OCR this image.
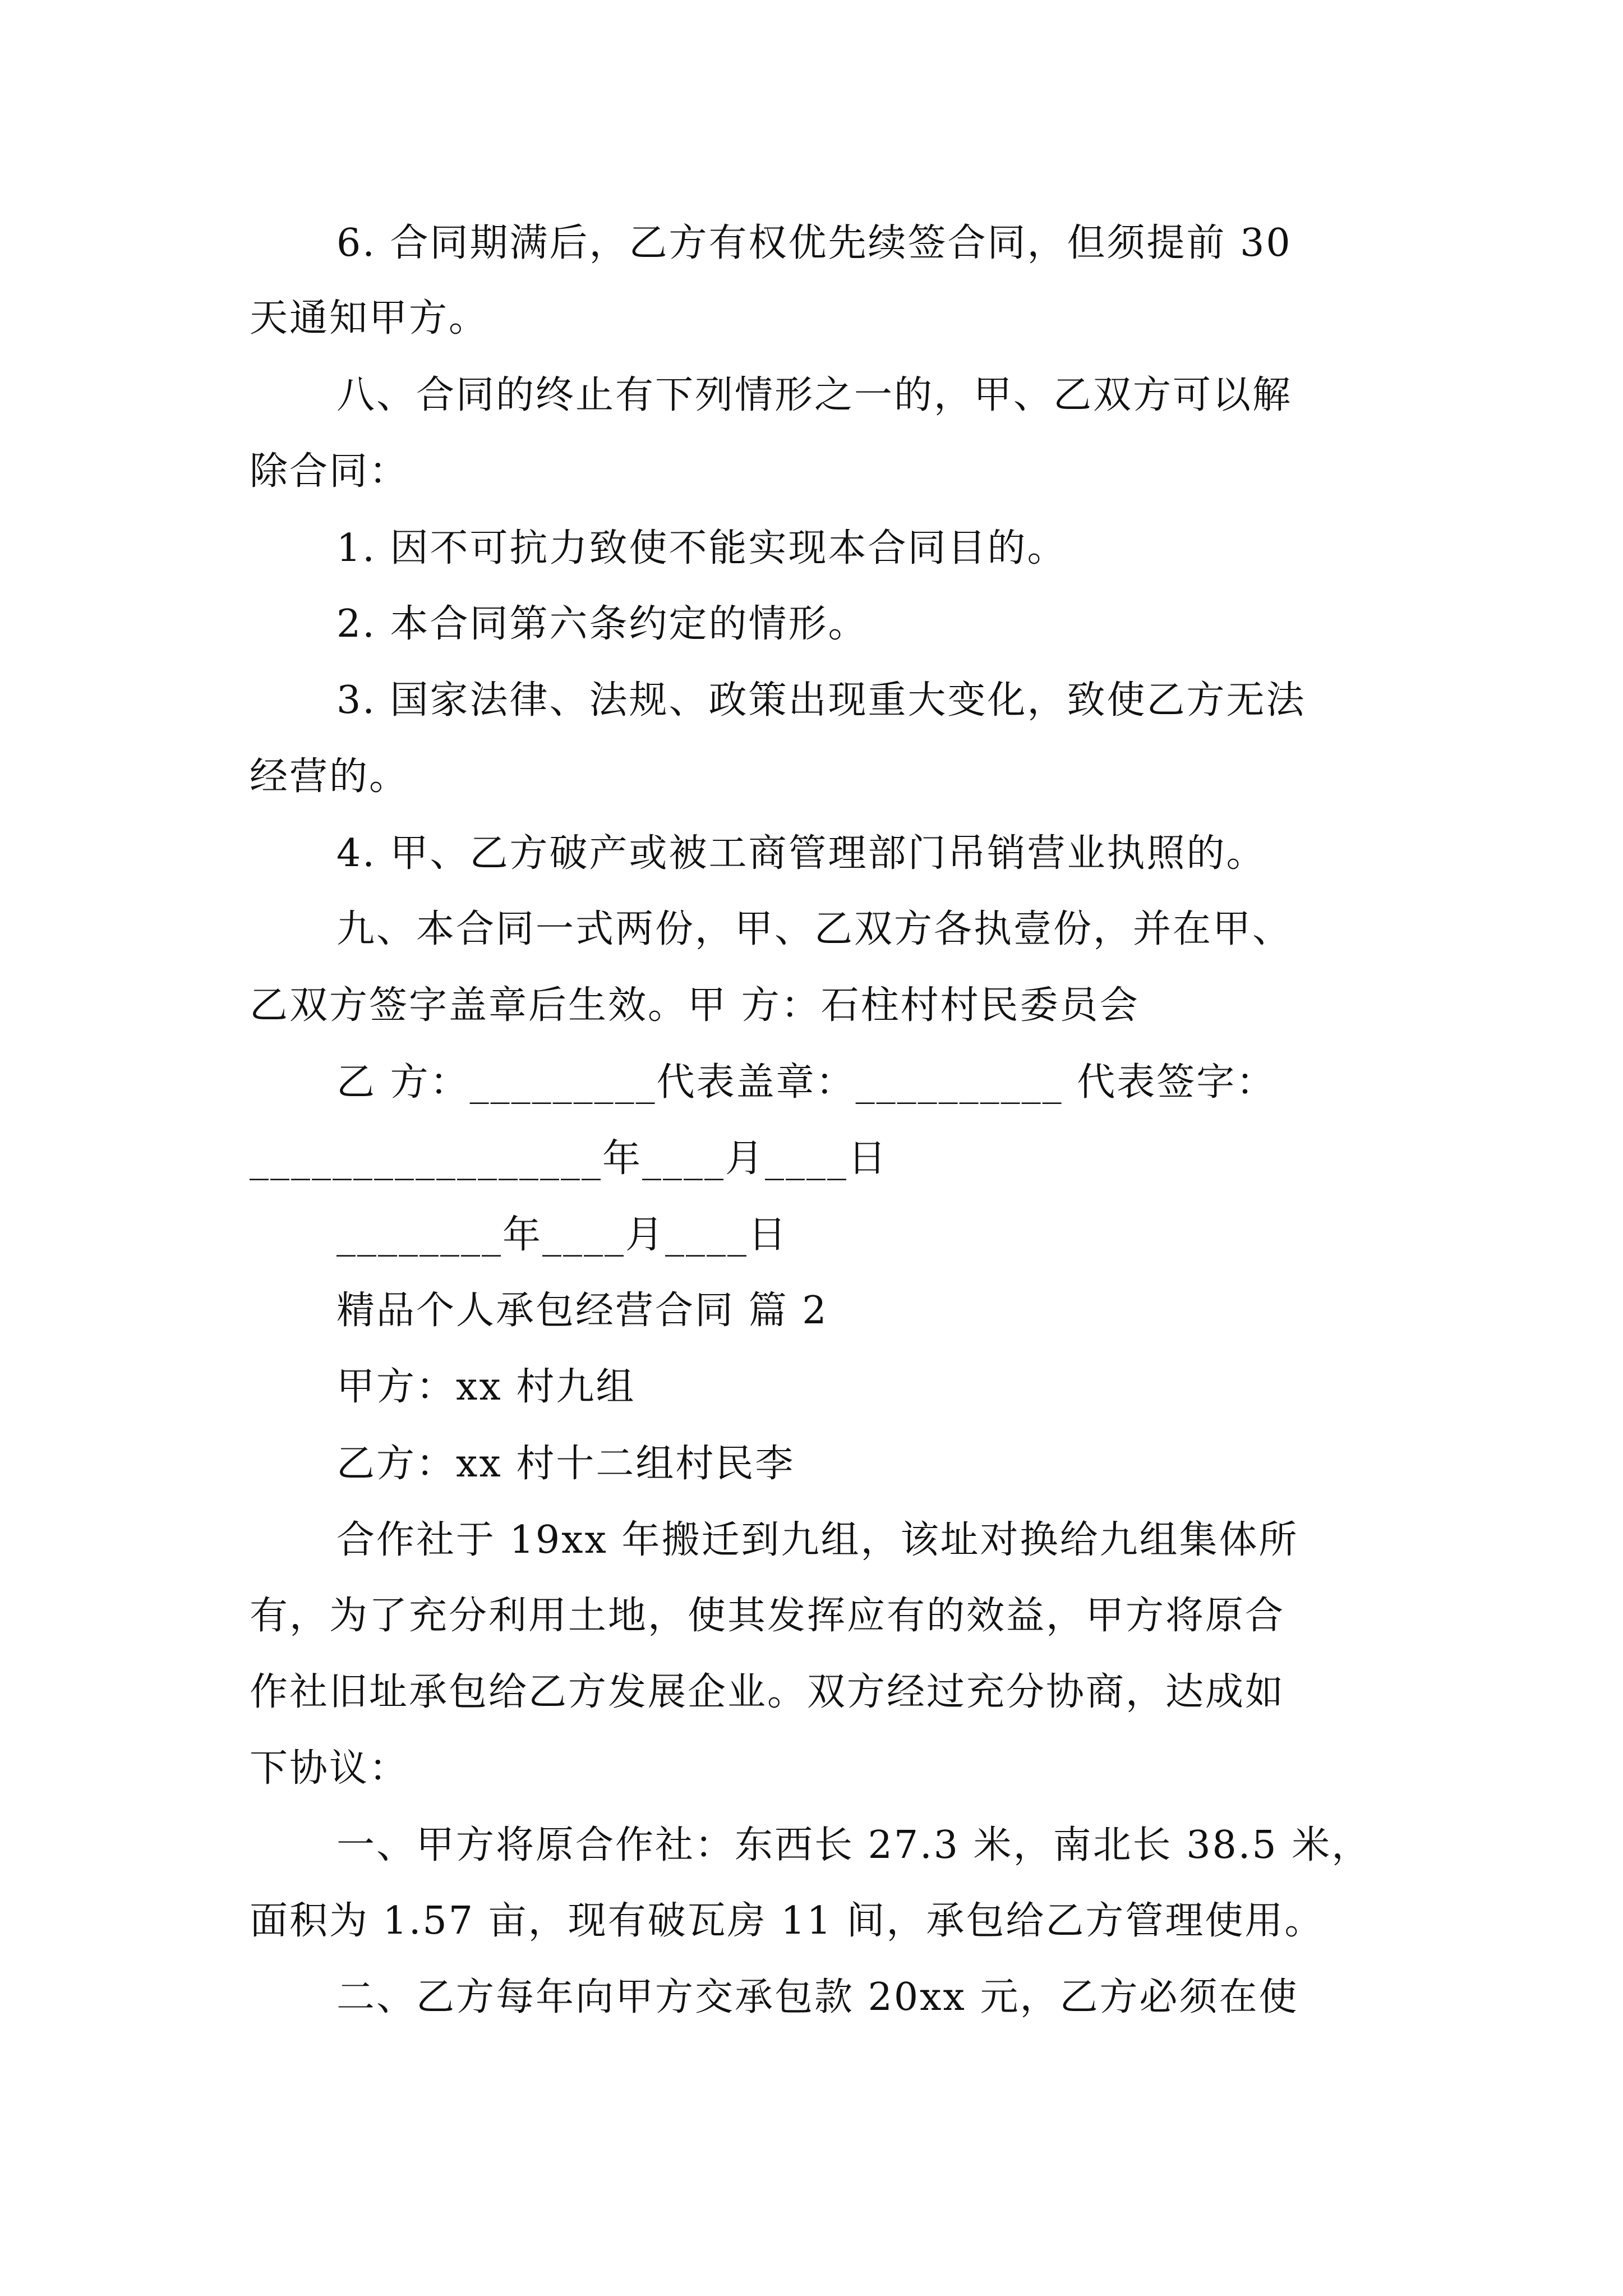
6. 合同期满后，乙方有权优先续签合同，但须提前 30

天通知甲方。

八、合同的终止有下列情形之一的，甲、乙双方可以解

除合同：

1. 因不可抗力致使不能实现本合同目的。

2. 本合同第六条约定的情形。

3. 国家法律、法规、政策出现重大变化，致使乙方无法

经营的。

4. 甲、乙方破产或被工商管理部门吊销营业执照的。

九、本合同一式两份，甲、乙双方各执壹份，并在甲、

乙双方签字盖章后生效。甲 方：石柱村村民委员会

乙 方：_________代表盖章：__________ 代表签字：

_________________年____月____日

________年____月____日

精品个人承包经营合同 篇 2

甲方：xx 村九组

乙方：xx 村十二组村民李

合作社于 19xx 年搬迁到九组，该址对换给九组集体所

有，为了充分利用土地，使其发挥应有的效益，甲方将原合

作社旧址承包给乙方发展企业。双方经过充分协商，达成如

下协议：

一、甲方将原合作社：东西长 27.3 米，南北长 38.5 米，

面积为 1.57 亩，现有破瓦房 11 间，承包给乙方管理使用。

二、乙方每年向甲方交承包款 20xx 元，乙方必须在使
